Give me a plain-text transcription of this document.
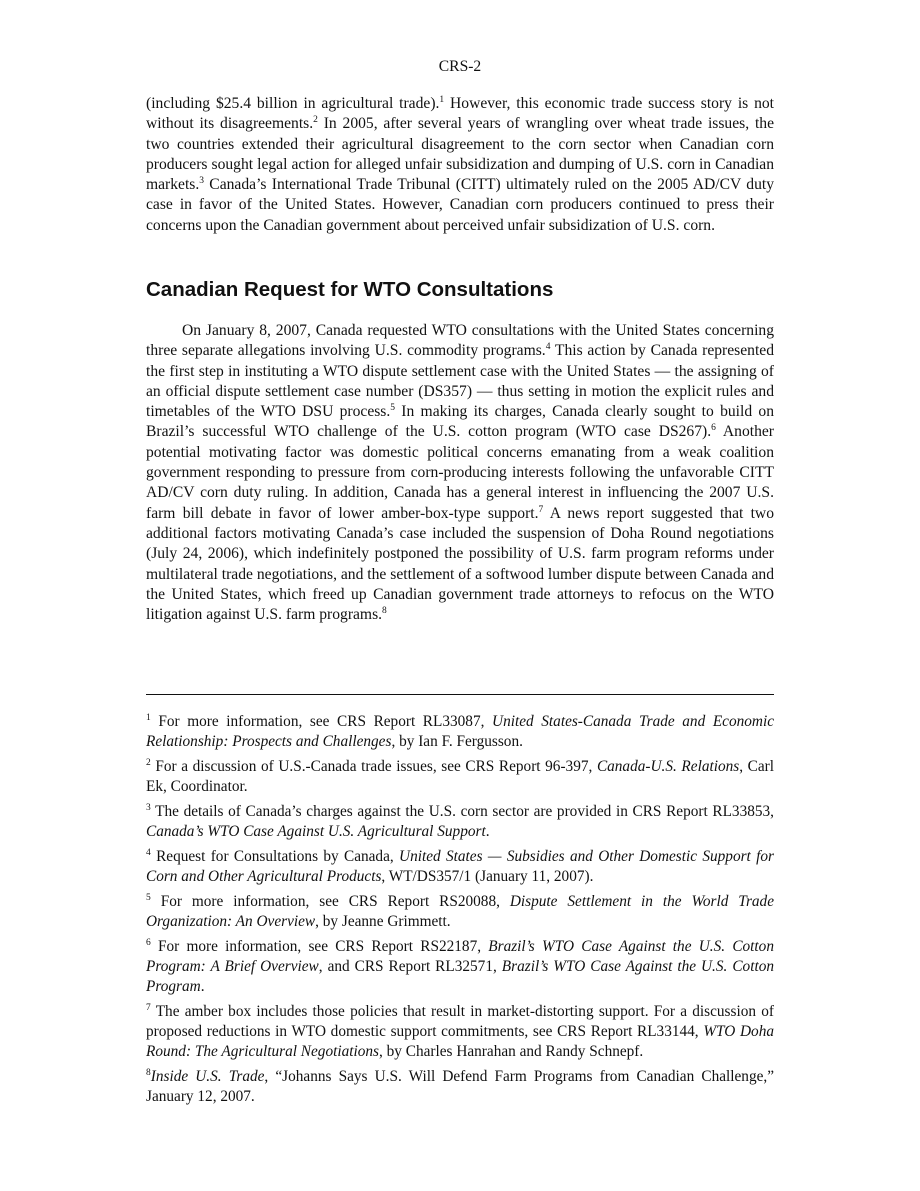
CRS-2

(including $25.4 billion in agricultural trade).$^1$ However, this economic trade success story is not without its disagreements.$^2$ In 2005, after several years of wrangling over wheat trade issues, the two countries extended their agricultural disagreement to the corn sector when Canadian corn producers sought legal action for alleged unfair subsidization and dumping of U.S. corn in Canadian markets.$^3$ Canada’s International Trade Tribunal (CITT) ultimately ruled on the 2005 AD/CV duty case in favor of the United States. However, Canadian corn producers continued to press their concerns upon the Canadian government about perceived unfair subsidization of U.S. corn.

Canadian Request for WTO Consultations

On January 8, 2007, Canada requested WTO consultations with the United States concerning three separate allegations involving U.S. commodity programs.$^4$ This action by Canada represented the first step in instituting a WTO dispute settlement case with the United States — the assigning of an official dispute settlement case number (DS357) — thus setting in motion the explicit rules and timetables of the WTO DSU process.$^5$ In making its charges, Canada clearly sought to build on Brazil’s successful WTO challenge of the U.S. cotton program (WTO case DS267).$^6$ Another potential motivating factor was domestic political concerns emanating from a weak coalition government responding to pressure from corn-producing interests following the unfavorable CITT AD/CV corn duty ruling. In addition, Canada has a general interest in influencing the 2007 U.S. farm bill debate in favor of lower amber-box-type support.$^7$ A news report suggested that two additional factors motivating Canada’s case included the suspension of Doha Round negotiations (July 24, 2006), which indefinitely postponed the possibility of U.S. farm program reforms under multilateral trade negotiations, and the settlement of a softwood lumber dispute between Canada and the United States, which freed up Canadian government trade attorneys to refocus on the WTO litigation against U.S. farm programs.$^8$

$^1$ For more information, see CRS Report RL33087, United States-Canada Trade and Economic Relationship: Prospects and Challenges, by Ian F. Fergusson.

$^2$ For a discussion of U.S.-Canada trade issues, see CRS Report 96-397, Canada-U.S. Relations, Carl Ek, Coordinator.

$^3$ The details of Canada’s charges against the U.S. corn sector are provided in CRS Report RL33853, Canada’s WTO Case Against U.S. Agricultural Support.

$^4$ Request for Consultations by Canada, United States — Subsidies and Other Domestic Support for Corn and Other Agricultural Products, WT/DS357/1 (January 11, 2007).

$^5$ For more information, see CRS Report RS20088, Dispute Settlement in the World Trade Organization: An Overview, by Jeanne Grimmett.

$^6$ For more information, see CRS Report RS22187, Brazil’s WTO Case Against the U.S. Cotton Program: A Brief Overview, and CRS Report RL32571, Brazil’s WTO Case Against the U.S. Cotton Program.

$^7$ The amber box includes those policies that result in market-distorting support. For a discussion of proposed reductions in WTO domestic support commitments, see CRS Report RL33144, WTO Doha Round: The Agricultural Negotiations, by Charles Hanrahan and Randy Schnepf.

$^8$Inside U.S. Trade, “Johanns Says U.S. Will Defend Farm Programs from Canadian Challenge,” January 12, 2007.
